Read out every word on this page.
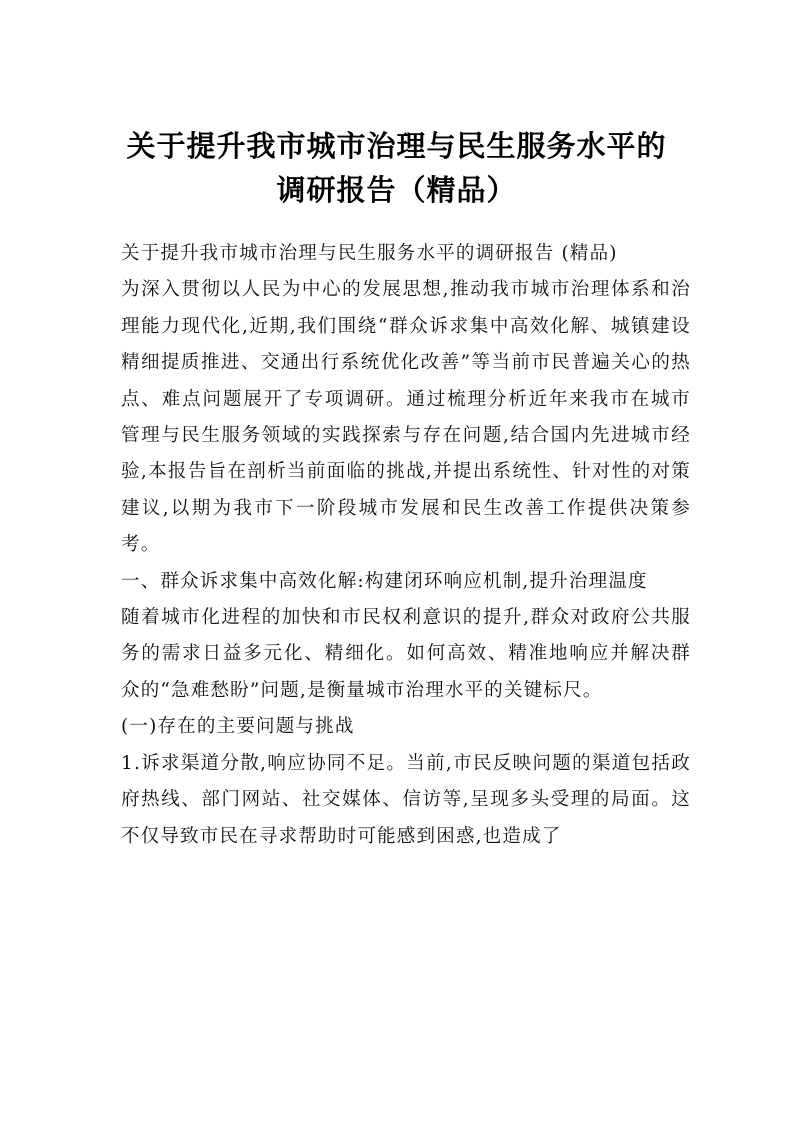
关于提升我市城市治理与民生服务水平的
调研报告（精品）

关于提升我市城市治理与民生服务水平的调研报告 (精品)

为深入贯彻以人民为中心的发展思想,推动我市城市治理体系和治理能力现代化,近期,我们围绕“群众诉求集中高效化解、城镇建设精细提质推进、交通出行系统优化改善”等当前市民普遍关心的热点、难点问题展开了专项调研。通过梳理分析近年来我市在城市管理与民生服务领域的实践探索与存在问题,结合国内先进城市经验,本报告旨在剖析当前面临的挑战,并提出系统性、针对性的对策建议,以期为我市下一阶段城市发展和民生改善工作提供决策参考。

一、群众诉求集中高效化解:构建闭环响应机制,提升治理温度

随着城市化进程的加快和市民权利意识的提升,群众对政府公共服务的需求日益多元化、精细化。如何高效、精准地响应并解决群众的“急难愁盼”问题,是衡量城市治理水平的关键标尺。

(一)存在的主要问题与挑战

1.诉求渠道分散,响应协同不足。当前,市民反映问题的渠道包括政府热线、部门网站、社交媒体、信访等,呈现多头受理的局面。这不仅导致市民在寻求帮助时可能感到困惑,也造成了
